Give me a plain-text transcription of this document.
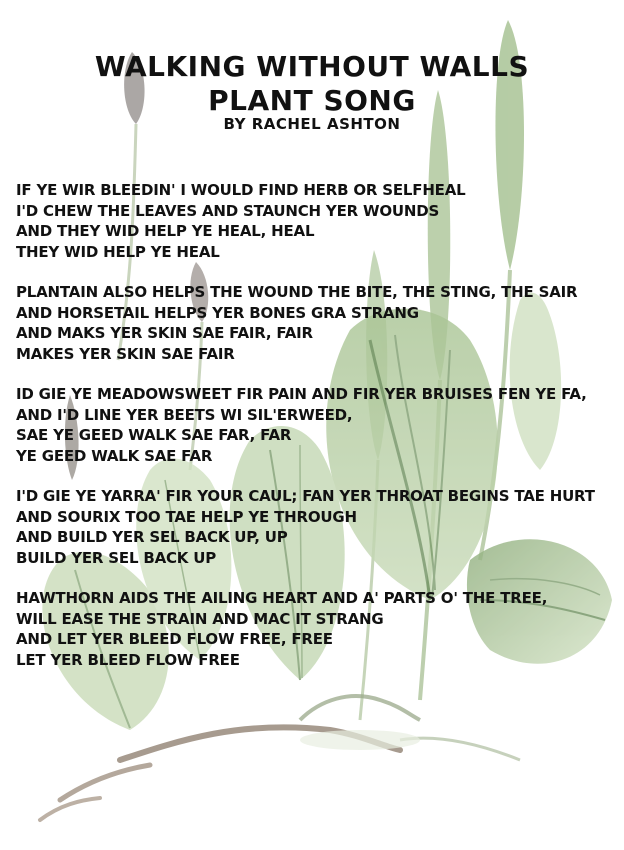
WALKING WITHOUT WALLS
PLANT SONG
BY RACHEL ASHTON
IF YE WIR BLEEDIN' I WOULD FIND HERB OR SELFHEAL
I'D CHEW THE LEAVES AND STAUNCH YER WOUNDS
AND THEY WID HELP YE HEAL, HEAL
THEY WID HELP YE HEAL
PLANTAIN ALSO HELPS THE WOUND THE BITE, THE STING, THE SAIR
AND HORSETAIL HELPS YER BONES GRA STRANG
AND MAKS YER SKIN SAE FAIR, FAIR
MAKES YER SKIN SAE FAIR
ID GIE YE MEADOWSWEET FIR PAIN AND FIR YER BRUISES FEN YE FA,
AND I'D LINE YER BEETS WI SIL'ERWEED,
SAE YE GEED WALK SAE FAR, FAR
YE GEED WALK SAE FAR
I'D GIE YE YARRA' FIR YOUR CAUL; FAN YER THROAT BEGINS TAE HURT
AND SOURIX TOO TAE HELP YE THROUGH
AND BUILD YER SEL BACK UP, UP
BUILD YER SEL BACK UP
HAWTHORN AIDS THE AILING HEART AND A' PARTS O' THE TREE,
WILL EASE THE STRAIN AND MAC IT STRANG
AND LET YER BLEED FLOW FREE, FREE
LET YER BLEED FLOW FREE
